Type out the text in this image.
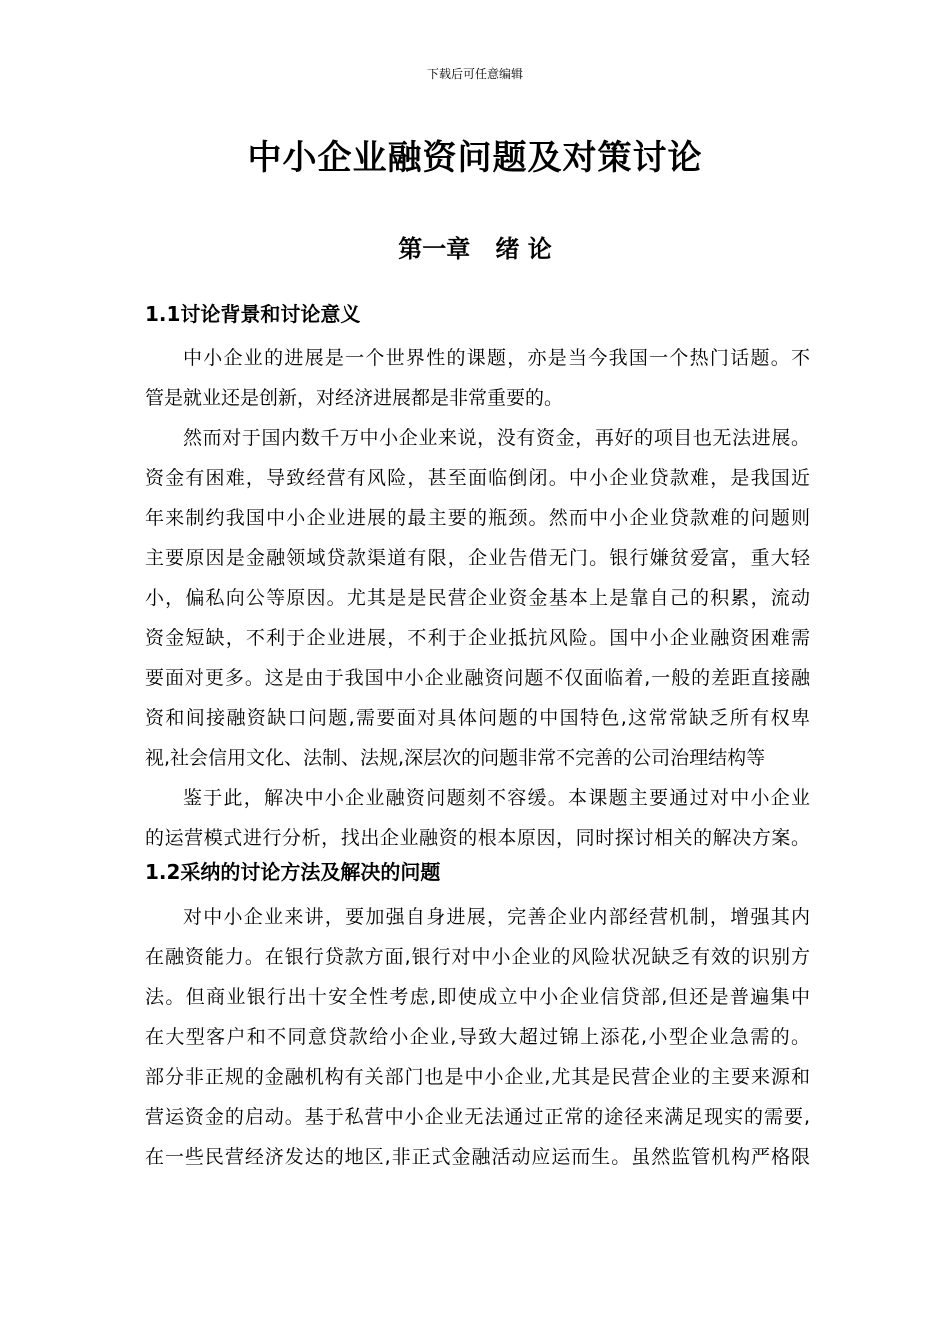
下载后可任意编辑
中小企业融资问题及对策讨论
第一章   绪 论
1.1讨论背景和讨论意义
中小企业的进展是一个世界性的课题，亦是当今我国一个热门话题。不
管是就业还是创新，对经济进展都是非常重要的。
然而对于国内数千万中小企业来说，没有资金，再好的项目也无法进展。
资金有困难，导致经营有风险，甚至面临倒闭。中小企业贷款难，是我国近
年来制约我国中小企业进展的最主要的瓶颈。然而中小企业贷款难的问题则
主要原因是金融领域贷款渠道有限，企业告借无门。银行嫌贫爱富，重大轻
小，偏私向公等原因。尤其是是民营企业资金基本上是靠自己的积累，流动
资金短缺，不利于企业进展，不利于企业抵抗风险。国中小企业融资困难需
要面对更多。这是由于我国中小企业融资问题不仅面临着,一般的差距直接融
资和间接融资缺口问题,需要面对具体问题的中国特色,这常常缺乏所有权卑
视,社会信用文化、法制、法规,深层次的问题非常不完善的公司治理结构等
鉴于此，解决中小企业融资问题刻不容缓。本课题主要通过对中小企业
的运营模式进行分析，找出企业融资的根本原因，同时探讨相关的解决方案。
1.2采纳的讨论方法及解决的问题
对中小企业来讲，要加强自身进展，完善企业内部经营机制，增强其内
在融资能力。在银行贷款方面,银行对中小企业的风险状况缺乏有效的识别方
法。但商业银行出十安全性考虑,即使成立中小企业信贷部,但还是普遍集中
在大型客户和不同意贷款给小企业,导致大超过锦上添花,小型企业急需的。
部分非正规的金融机构有关部门也是中小企业,尤其是民营企业的主要来源和
营运资金的启动。基于私营中小企业无法通过正常的途径来满足现实的需要,
在一些民营经济发达的地区,非正式金融活动应运而生。虽然监管机构严格限
